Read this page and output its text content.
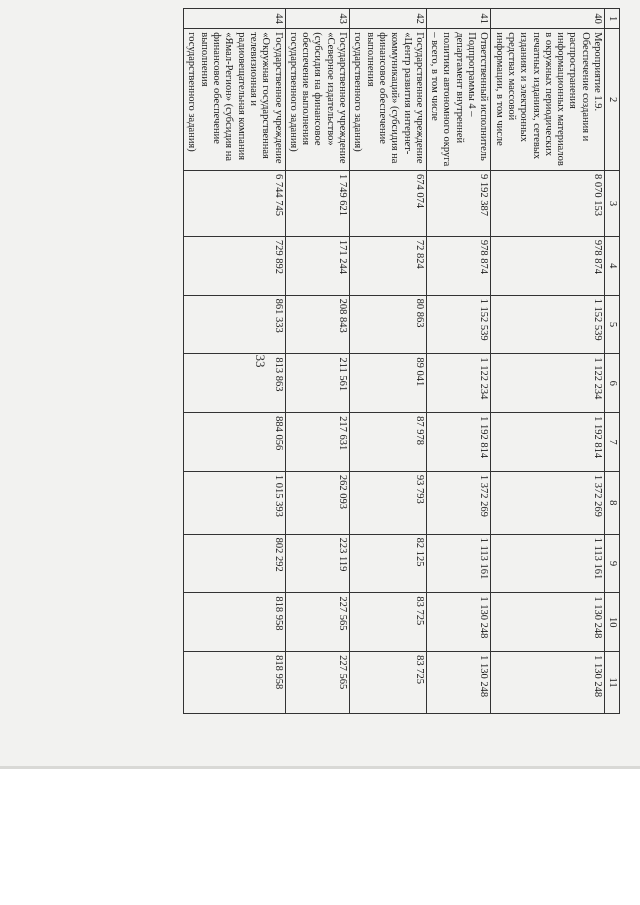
1	2	3	4	5	6	7	8	9	10	11
40	Мероприятие 1.9. Обеспечение создания и распространения информационных материалов в окружных периодических печатных изданиях, сетевых изданиях и электронных средствах массовой информации, в том числе	8 070 153	978 874	1 152 539	1 122 234	1 192 814	1 372 269	1 113 161	1 130 248	1 130 248
41	Ответственный исполнитель Подпрограммы 4 – департамент внутренней политики автономного округа – всего, в том числе	9 192 387	978 874	1 152 539	1 122 234	1 192 814	1 372 269	1 113 161	1 130 248	1 130 248
42	Государственное учреждение «Центр развития интернет-коммуникаций» (субсидия на финансовое обеспечение выполнения государственного задания)	674 074	72 824	80 863	89 041	87 978	93 793	82 125	83 725	83 725
43	Государственное учреждение «Северное издательство» (субсидия на финансовое обеспечение выполнения государственного задания)	1 749 621	171 244	208 843	211 561	217 631	262 093	223 119	227 565	227 565
44	Государственное учреждение «Окружная государственная телевизионная и радиовещательная компания «Ямал-Регион» (субсидия на финансовое обеспечение выполнения государственного задания)	6 744 745	729 892	861 333	813 863	884 056	1 015 393	802 292	818 958	818 958
33
